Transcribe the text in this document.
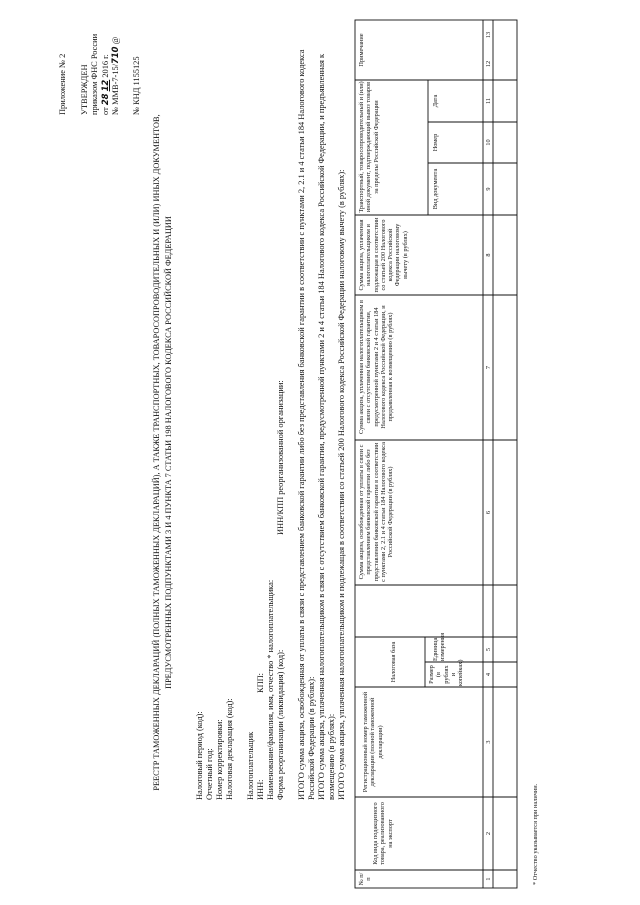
Приложение № 2 УТВЕРЖДЕН приказом ФНС России от 28 12 2016 г. № ММВ-7-15/710 @
№ КНД 1155125
РЕЕСТР ТАМОЖЕННЫХ ДЕКЛАРАЦИЙ (ПОЛНЫХ ТАМОЖЕННЫХ ДЕКЛАРАЦИЙ), А ТАКЖЕ ТРАНСПОРТНЫХ, ТОВАРОСОПРОВОДИТЕЛЬНЫХ И (ИЛИ) ИНЫХ ДОКУМЕНТОВ, ПРЕДУСМОТРЕННЫХ ПОДПУНКТАМИ 3 И 4 ПУНКТА 7 СТАТЬИ 198 НАЛОГОВОГО КОДЕКСА РОССИЙСКОЙ ФЕДЕРАЦИИ
Налоговый период (код): Отчетный год: Номер корректировки: Налоговая декларация (код): Налогоплательщик ИНН:
КПП: Наименование/фамилия, имя, отчество * налогоплательщика: Форма реорганизации (ликвидация) (код):
ИНН/КПП реорганизованной организации: ИТОГО сумма акциза, освобожденная от уплаты в связи с представлением банковской гарантии либо без представления банковской гарантии в соответствии с пунктами 2, 2.1 и 4 статьи 184 Налогового кодекса Российской Федерации (в рублях): ИТОГО сумма акциза, уплаченная налогоплательщиком в связи с отсутствием банковской гарантии, предусмотренной пунктами 2 и 4 статьи 184 Налогового кодекса Российской Федерации, и предъявленная к возмещению (в рублях): ИТОГО сумма акциза, уплаченная налогоплательщиком и подлежащая в соответствии со статьей 200 Налогового кодекса Российской Федерации налоговому вычету (в рублях):
№ п/п
Код вида подакцизного товара, реализованного на экспорт
Регистрационный номер таможенной декларации (полной таможенной декларации)
Налоговая база	Размер (в рублях и копейках)
Единица измерения
Сумма акциза, освобожденная от уплаты в связи с представлением банковской гарантии либо без представления банковской гарантии в соответствии с пунктами 2, 2.1 и 4 статьи 184 Налогового кодекса Российской Федерации (в рублях)
Сумма акциза, уплаченная налогоплательщиком в связи с отсутствием банковской гарантии, предусмотренной пунктами 2 и 4 статьи 184 Налогового кодекса Российской Федерации, и предъявленная к возмещению (в рублях)
Сумма акциза, уплаченная налогоплательщиком и подлежащая в соответствии со статьей 200 Налогового кодекса Российской Федерации налоговому вычету (в рублях)
Транспортный, товаросопроводительный и (или) иной документ, подтверждающий вывоз товаров за пределы Российской Федерации	Вид документа
Номер
Дата
Примечание
1
2
3
4
5
6
7
8
9
10
11
12
13
* Отчество указывается при наличии.
